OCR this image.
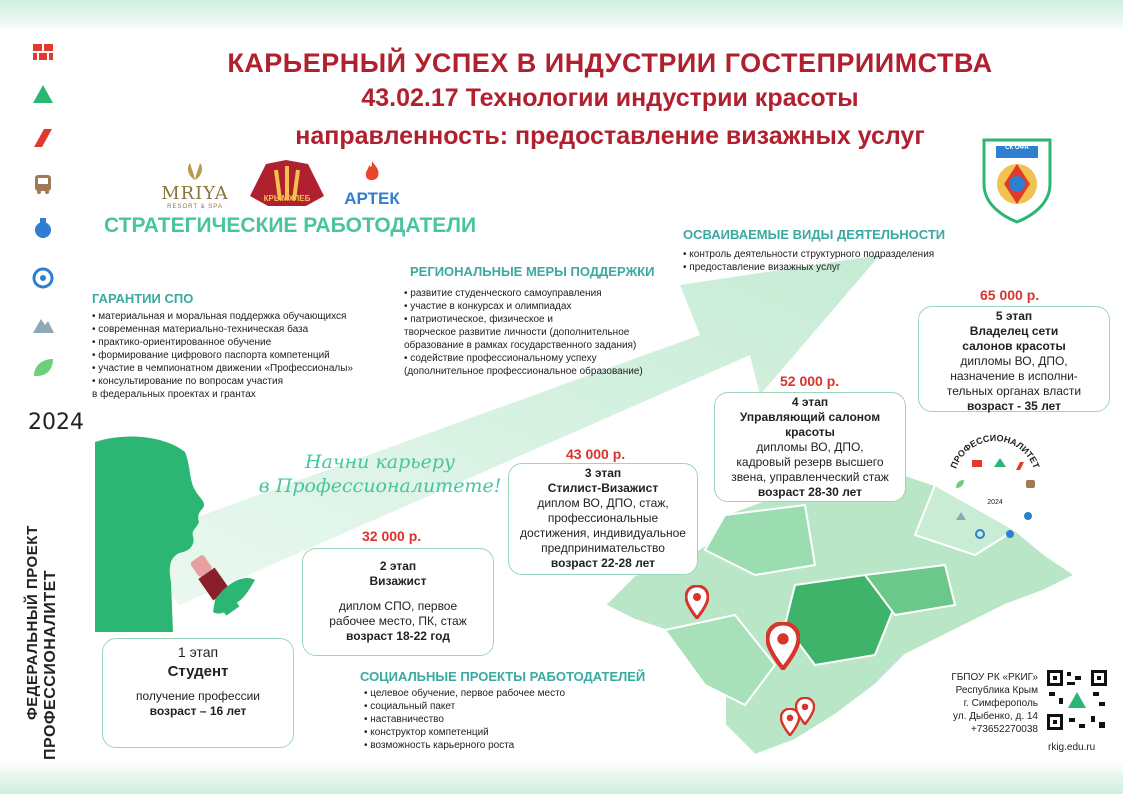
2024
ФЕДЕРАЛЬНЫЙ ПРОЕКТ ПРОФЕССИОНАЛИТЕТ
КАРЬЕРНЫЙ УСПЕХ В ИНДУСТРИИ ГОСТЕПРИИМСТВА
43.02.17 Технологии индустрии красоты
направленность: предоставление визажных услуг
MRIYA
RESORT & SPA
КРЫМХЛЕБ	АРТЕК
СК ОФА
СТРАТЕГИЧЕСКИЕ РАБОТОДАТЕЛИ	ОСВАИВАЕМЫЕ ВИДЫ ДЕЯТЕЛЬНОСТИ
• контроль деятельности структурного подразделения
• предоставление визажных услуг
РЕГИОНАЛЬНЫЕ МЕРЫ ПОДДЕРЖКИ
• развитие студенческого самоуправления
• участие в конкурсах и олимпиадах
• патриотическое, физическое и
творческое развитие личности (дополнительное
образование в рамках государственного задания)
• содействие профессиональному успеху
(дополнительное профессиональное образование)
ГАРАНТИИ СПО
• материальная и моральная поддержка обучающихся
• современная материально-техническая база
• практико-ориентированное обучение
• формирование цифрового паспорта компетенций
• участие в чемпионатном движении «Профессионалы»
• консультирование по вопросам участия
в федеральных проектах и грантах
Начни карьеру
в Профессионалитете!
1 этап
Студент
получение профессии
возраст – 16 лет
32 000 р.
2 этап
Визажист
диплом СПО, первое
рабочее место, ПК, стаж
возраст 18-22 год
43 000 р.
3 этап
Стилист-Визажист
диплом ВО, ДПО, стаж,
профессиональные
достижения, индивидуальное
предпринимательство
возраст 22-28 лет
52 000 р.
4 этап
Управляющий салоном красоты
дипломы ВО, ДПО,
кадровый резерв высшего
звена, управленческий стаж
возраст 28-30 лет
65 000 р.
5 этап
Владелец сети салонов красоты
дипломы ВО, ДПО,
назначение в исполни-
тельных органах власти
возраст - 35 лет
СОЦИАЛЬНЫЕ ПРОЕКТЫ РАБОТОДАТЕЛЕЙ
• целевое обучение, первое рабочее место
• социальный пакет
• наставничество
• конструктор компетенций
• возможность карьерного роста
ПРОФЕССИОНАЛИТЕТ
2024
ГБПОУ РК «РКИГ»
Республика Крым
г. Симферополь
ул. Дыбенко, д. 14
+73652270038
rkig.edu.ru
